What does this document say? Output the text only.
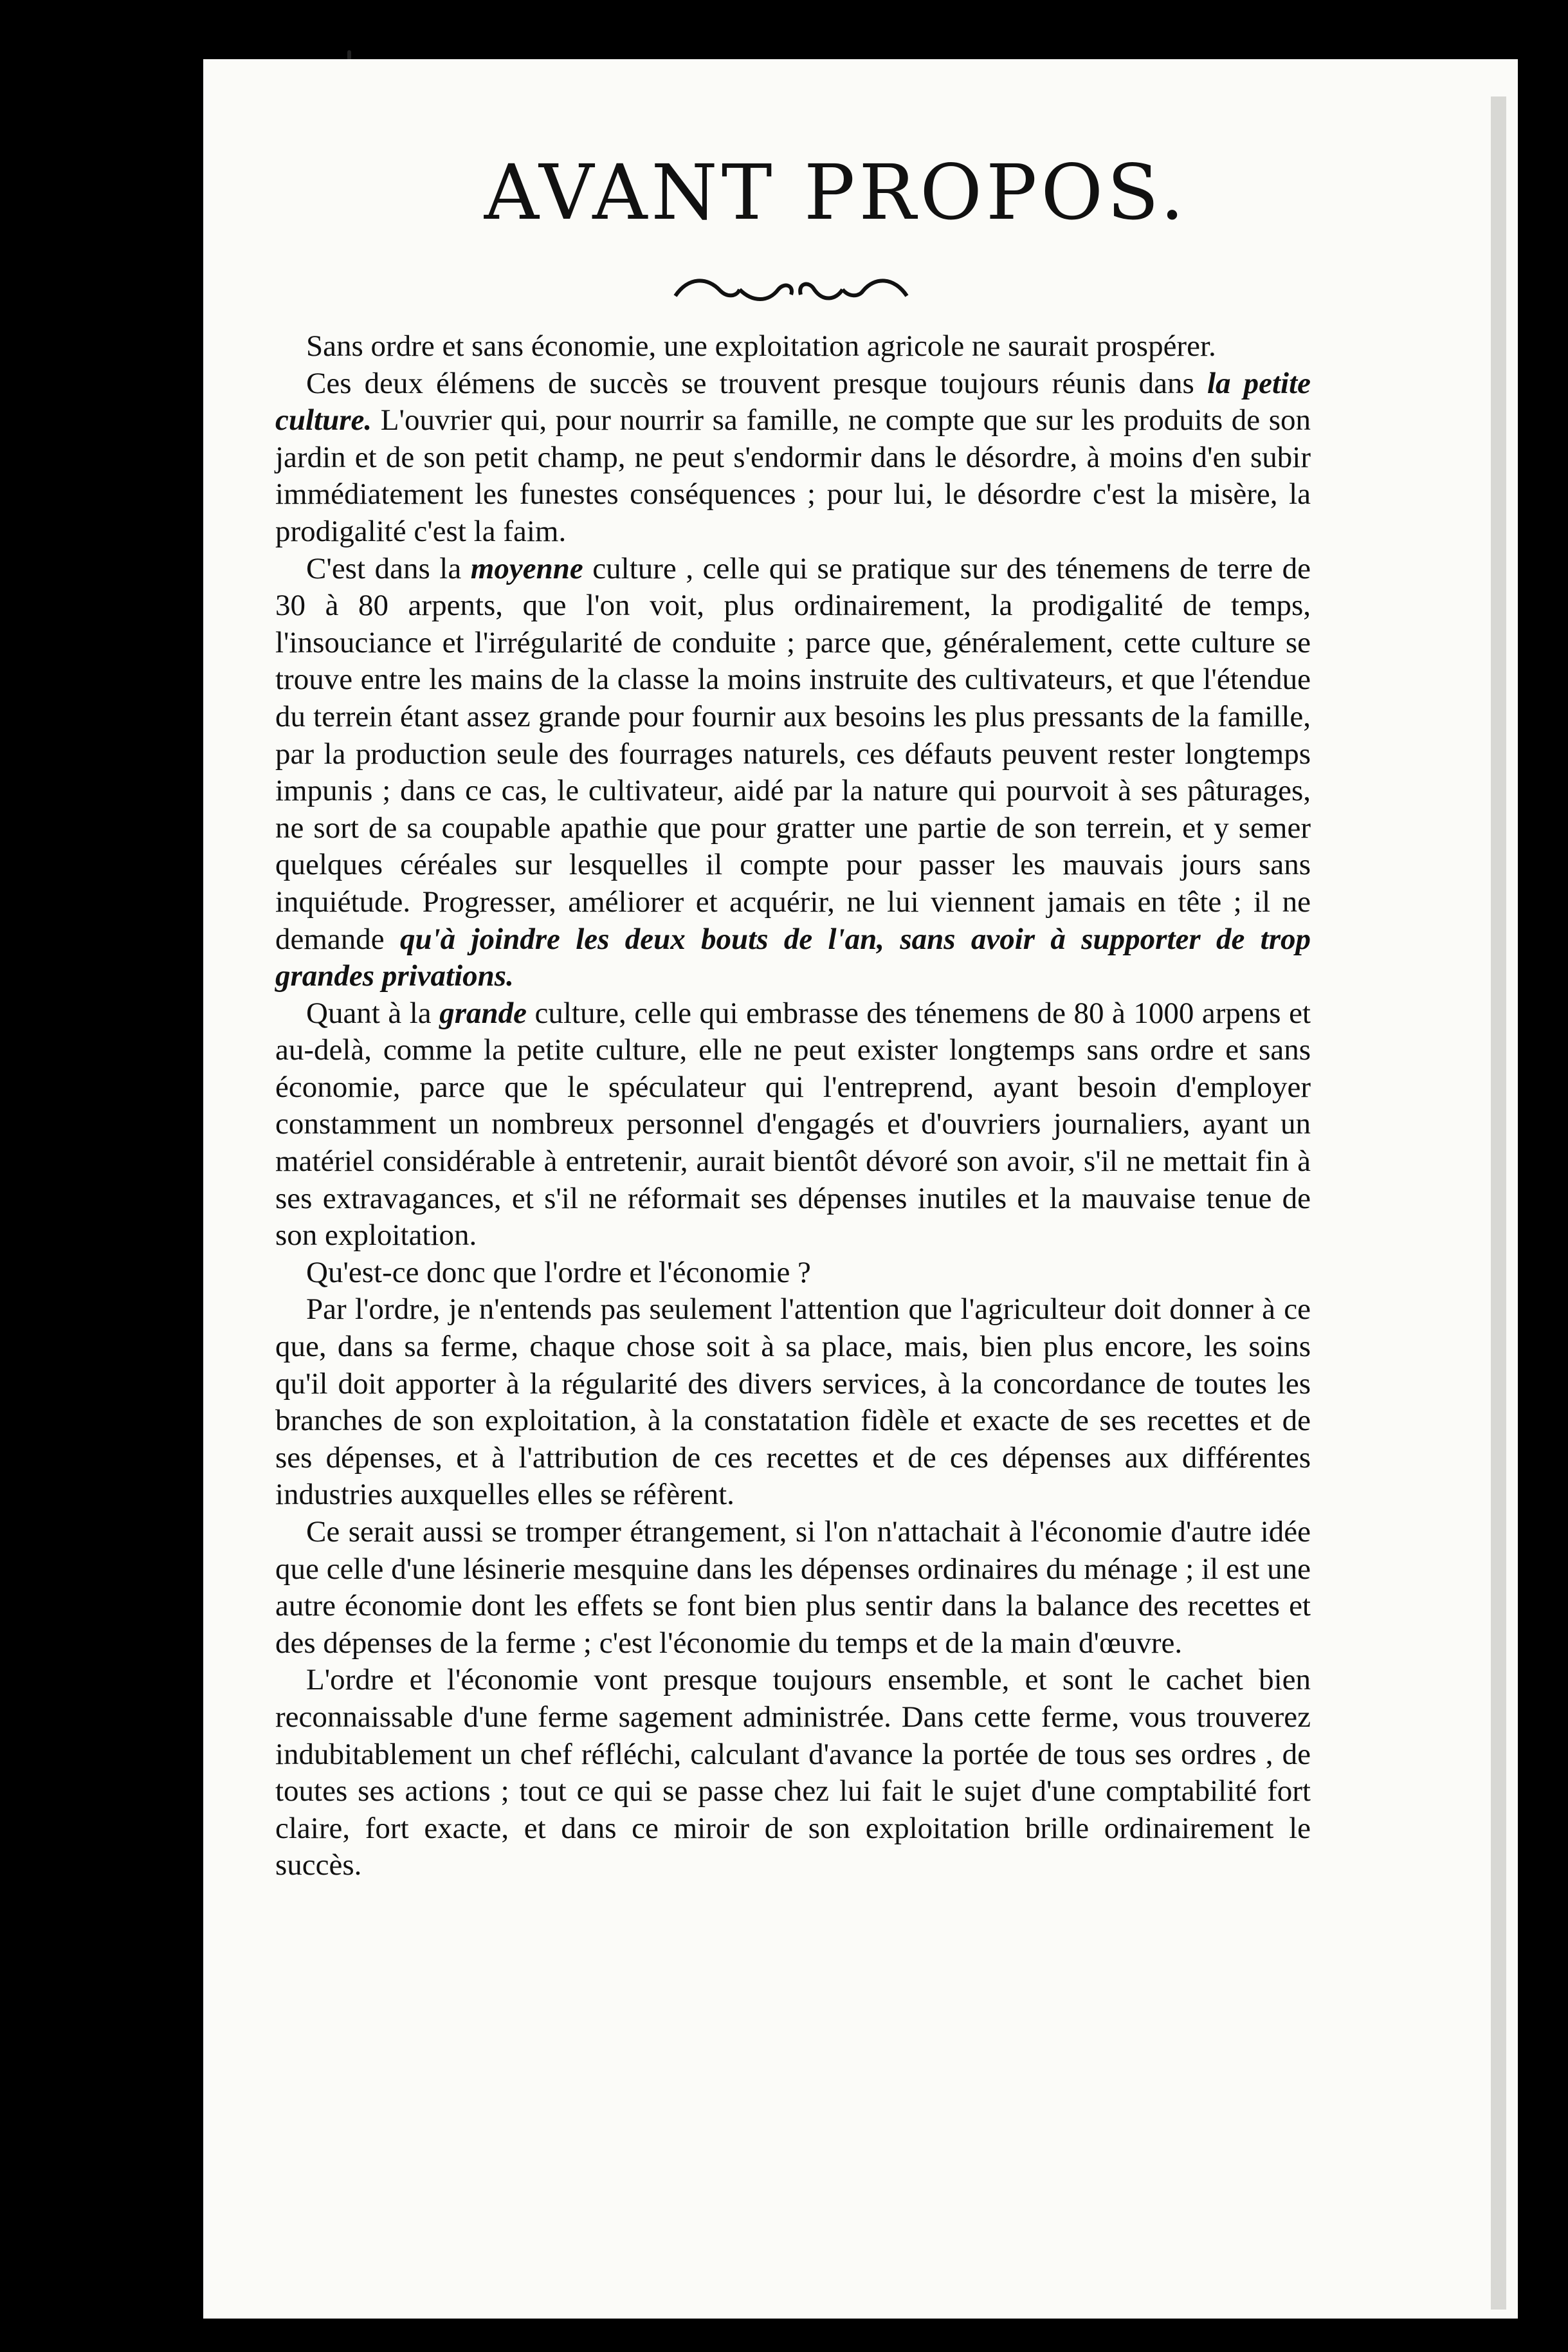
AVANT PROPOS.

Sans ordre et sans économie, une exploitation agricole ne saurait prospérer.

Ces deux élémens de succès se trouvent presque toujours réunis dans la petite culture. L'ouvrier qui, pour nourrir sa famille, ne compte que sur les produits de son jardin et de son petit champ, ne peut s'endormir dans le désordre, à moins d'en subir immédiatement les funestes conséquences ; pour lui, le désordre c'est la misère, la prodigalité c'est la faim.

C'est dans la moyenne culture , celle qui se pratique sur des ténemens de terre de 30 à 80 arpents, que l'on voit, plus ordinairement, la prodigalité de temps, l'insouciance et l'irrégularité de conduite ; parce que, généralement, cette culture se trouve entre les mains de la classe la moins instruite des cultivateurs, et que l'étendue du terrein étant assez grande pour fournir aux besoins les plus pressants de la famille, par la production seule des fourrages naturels, ces défauts peuvent rester longtemps impunis ; dans ce cas, le cultivateur, aidé par la nature qui pourvoit à ses pâturages, ne sort de sa coupable apathie que pour gratter une partie de son terrein, et y semer quelques céréales sur lesquelles il compte pour passer les mauvais jours sans inquiétude. Progresser, améliorer et acquérir, ne lui viennent jamais en tête ; il ne demande qu'à joindre les deux bouts de l'an, sans avoir à supporter de trop grandes privations.

Quant à la grande culture, celle qui embrasse des ténemens de 80 à 1000 arpens et au-delà, comme la petite culture, elle ne peut exister longtemps sans ordre et sans économie, parce que le spéculateur qui l'entreprend, ayant besoin d'employer constamment un nombreux personnel d'engagés et d'ouvriers journaliers, ayant un matériel considérable à entretenir, aurait bientôt dévoré son avoir, s'il ne mettait fin à ses extravagances, et s'il ne réformait ses dépenses inutiles et la mauvaise tenue de son exploitation.

Qu'est-ce donc que l'ordre et l'économie ?

Par l'ordre, je n'entends pas seulement l'attention que l'agriculteur doit donner à ce que, dans sa ferme, chaque chose soit à sa place, mais, bien plus encore, les soins qu'il doit apporter à la régularité des divers services, à la concordance de toutes les branches de son exploitation, à la constatation fidèle et exacte de ses recettes et de ses dépenses, et à l'attribution de ces recettes et de ces dépenses aux différentes industries auxquelles elles se réfèrent.

Ce serait aussi se tromper étrangement, si l'on n'attachait à l'économie d'autre idée que celle d'une lésinerie mesquine dans les dépenses ordinaires du ménage ; il est une autre économie dont les effets se font bien plus sentir dans la balance des recettes et des dépenses de la ferme ; c'est l'économie du temps et de la main d'œuvre.

L'ordre et l'économie vont presque toujours ensemble, et sont le cachet bien reconnaissable d'une ferme sagement administrée. Dans cette ferme, vous trouverez indubitablement un chef réfléchi, calculant d'avance la portée de tous ses ordres , de toutes ses actions ; tout ce qui se passe chez lui fait le sujet d'une comptabilité fort claire, fort exacte, et dans ce miroir de son exploitation brille ordinairement le succès.
